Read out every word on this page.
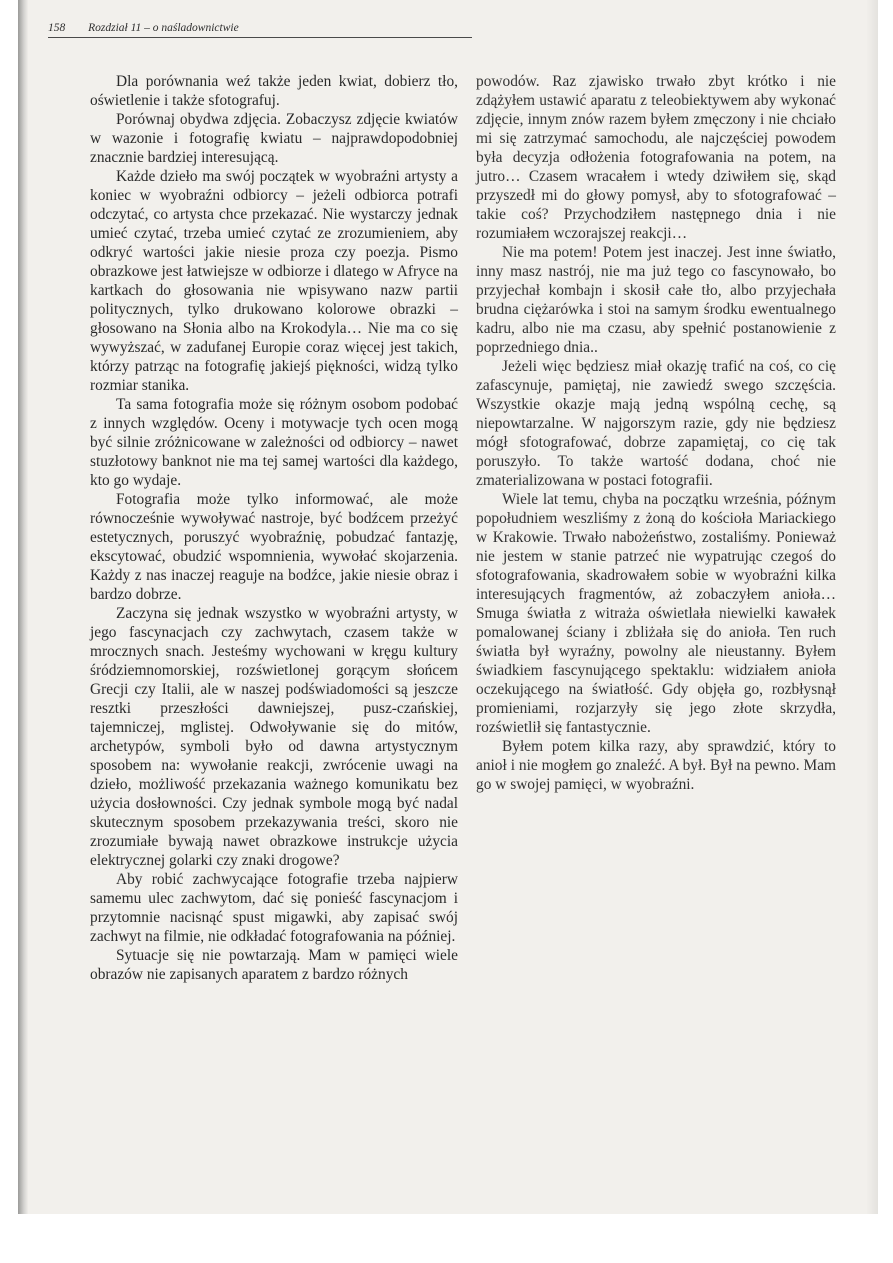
158 Rozdział 11 – o naśladownictwie

Dla porównania weź także jeden kwiat, dobierz tło, oświetlenie i także sfotografuj.

Porównaj obydwa zdjęcia. Zobaczysz zdjęcie kwiatów w wazonie i fotografię kwiatu – najprawdopodobniej znacznie bardziej interesującą.

Każde dzieło ma swój początek w wyobraźni artysty a koniec w wyobraźni odbiorcy – jeżeli odbiorca potrafi odczytać, co artysta chce przekazać. Nie wystarczy jednak umieć czytać, trzeba umieć czytać ze zrozumieniem, aby odkryć wartości jakie niesie proza czy poezja. Pismo obrazkowe jest łatwiejsze w odbiorze i dlatego w Afryce na kartkach do głosowania nie wpisywano nazw partii politycznych, tylko drukowano kolorowe obrazki – głosowano na Słonia albo na Krokodyla… Nie ma co się wywyższać, w zadufanej Europie coraz więcej jest takich, którzy patrząc na fotografię jakiejś piękności, widzą tylko rozmiar stanika.

Ta sama fotografia może się różnym osobom podobać z innych względów. Oceny i motywacje tych ocen mogą być silnie zróżnicowane w zależności od odbiorcy – nawet stuzłotowy banknot nie ma tej samej wartości dla każdego, kto go wydaje.

Fotografia może tylko informować, ale może równocześnie wywoływać nastroje, być bodźcem przeżyć estetycznych, poruszyć wyobraźnię, pobudzać fantazję, ekscytować, obudzić wspomnienia, wywołać skojarzenia. Każdy z nas inaczej reaguje na bodźce, jakie niesie obraz i bardzo dobrze.

Zaczyna się jednak wszystko w wyobraźni artysty, w jego fascynacjach czy zachwytach, czasem także w mrocznych snach. Jesteśmy wychowani w kręgu kultury śródziemnomorskiej, rozświetlonej gorącym słońcem Grecji czy Italii, ale w naszej podświadomości są jeszcze resztki przeszłości dawniejszej, pusz-czańskiej, tajemniczej, mglistej. Odwoływanie się do mitów, archetypów, symboli było od dawna artystycznym sposobem na: wywołanie reakcji, zwrócenie uwagi na dzieło, możliwość przekazania ważnego komunikatu bez użycia dosłowności. Czy jednak symbole mogą być nadal skutecznym sposobem przekazywania treści, skoro nie zrozumiałe bywają nawet obrazkowe instrukcje użycia elektrycznej golarki czy znaki drogowe?

Aby robić zachwycające fotografie trzeba najpierw samemu ulec zachwytom, dać się ponieść fascynacjom i przytomnie nacisnąć spust migawki, aby zapisać swój zachwyt na filmie, nie odkładać fotografowania na później.

Sytuacje się nie powtarzają. Mam w pamięci wiele obrazów nie zapisanych aparatem z bardzo różnych

powodów. Raz zjawisko trwało zbyt krótko i nie zdążyłem ustawić aparatu z teleobiektywem aby wykonać zdjęcie, innym znów razem byłem zmęczony i nie chciało mi się zatrzymać samochodu, ale najczęściej powodem była decyzja odłożenia fotografowania na potem, na jutro… Czasem wracałem i wtedy dziwiłem się, skąd przyszedł mi do głowy pomysł, aby to sfotografować – takie coś? Przychodziłem następnego dnia i nie rozumiałem wczorajszej reakcji…

Nie ma potem! Potem jest inaczej. Jest inne światło, inny masz nastrój, nie ma już tego co fascynowało, bo przyjechał kombajn i skosił całe tło, albo przyjechała brudna ciężarówka i stoi na samym środku ewentualnego kadru, albo nie ma czasu, aby spełnić postanowienie z poprzedniego dnia..

Jeżeli więc będziesz miał okazję trafić na coś, co cię zafascynuje, pamiętaj, nie zawiedź swego szczęścia. Wszystkie okazje mają jedną wspólną cechę, są niepowtarzalne. W najgorszym razie, gdy nie będziesz mógł sfotografować, dobrze zapamiętaj, co cię tak poruszyło. To także wartość dodana, choć nie zmaterializowana w postaci fotografii.

Wiele lat temu, chyba na początku września, późnym popołudniem weszliśmy z żoną do kościoła Mariackiego w Krakowie. Trwało nabożeństwo, zostaliśmy. Ponieważ nie jestem w stanie patrzeć nie wypatrując czegoś do sfotografowania, skadrowałem sobie w wyobraźni kilka interesujących fragmentów, aż zobaczyłem anioła… Smuga światła z witraża oświetlała niewielki kawałek pomalowanej ściany i zbliżała się do anioła. Ten ruch światła był wyraźny, powolny ale nieustanny. Byłem świadkiem fascynującego spektaklu: widziałem anioła oczekującego na światłość. Gdy objęła go, rozbłysnął promieniami, rozjarzyły się jego złote skrzydła, rozświetlił się fantastycznie.

Byłem potem kilka razy, aby sprawdzić, który to anioł i nie mogłem go znaleźć. A był. Był na pewno. Mam go w swojej pamięci, w wyobraźni.
